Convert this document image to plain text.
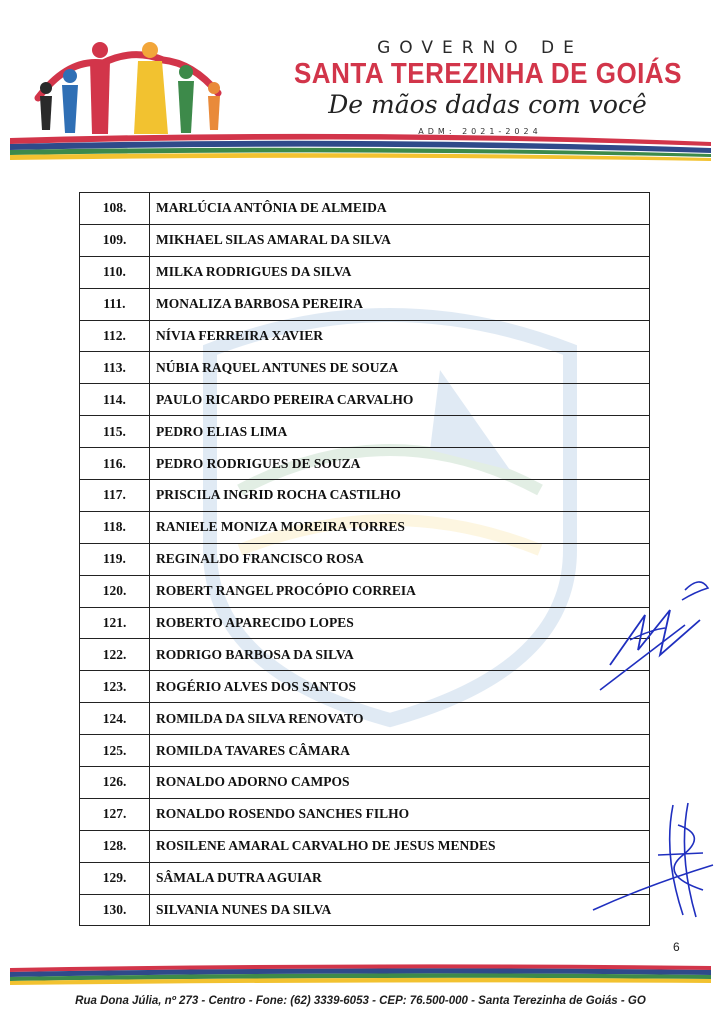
GOVERNO DE
SANTA TEREZINHA DE GOIÁS
De mãos dadas com você
ADM: 2021-2024
108.	MARLÚCIA ANTÔNIA DE ALMEIDA
109.	MIKHAEL SILAS AMARAL DA SILVA
110.	MILKA RODRIGUES DA SILVA
111.	MONALIZA BARBOSA PEREIRA
112.	NÍVIA FERREIRA XAVIER
113.	NÚBIA RAQUEL ANTUNES DE SOUZA
114.	PAULO RICARDO PEREIRA CARVALHO
115.	PEDRO ELIAS LIMA
116.	PEDRO RODRIGUES DE SOUZA
117.	PRISCILA INGRID ROCHA CASTILHO
118.	RANIELE MONIZA MOREIRA TORRES
119.	REGINALDO FRANCISCO ROSA
120.	ROBERT RANGEL PROCÓPIO CORREIA
121.	ROBERTO APARECIDO LOPES
122.	RODRIGO BARBOSA DA SILVA
123.	ROGÉRIO ALVES DOS SANTOS
124.	ROMILDA DA SILVA RENOVATO
125.	ROMILDA TAVARES CÂMARA
126.	RONALDO ADORNO CAMPOS
127.	RONALDO ROSENDO SANCHES FILHO
128.	ROSILENE AMARAL CARVALHO DE JESUS MENDES
129.	SÂMALA DUTRA AGUIAR
130.	SILVANIA NUNES DA SILVA
6
Rua Dona Júlia, nº 273 - Centro - Fone: (62) 3339-6053 - CEP: 76.500-000 - Santa Terezinha de Goiás - GO
